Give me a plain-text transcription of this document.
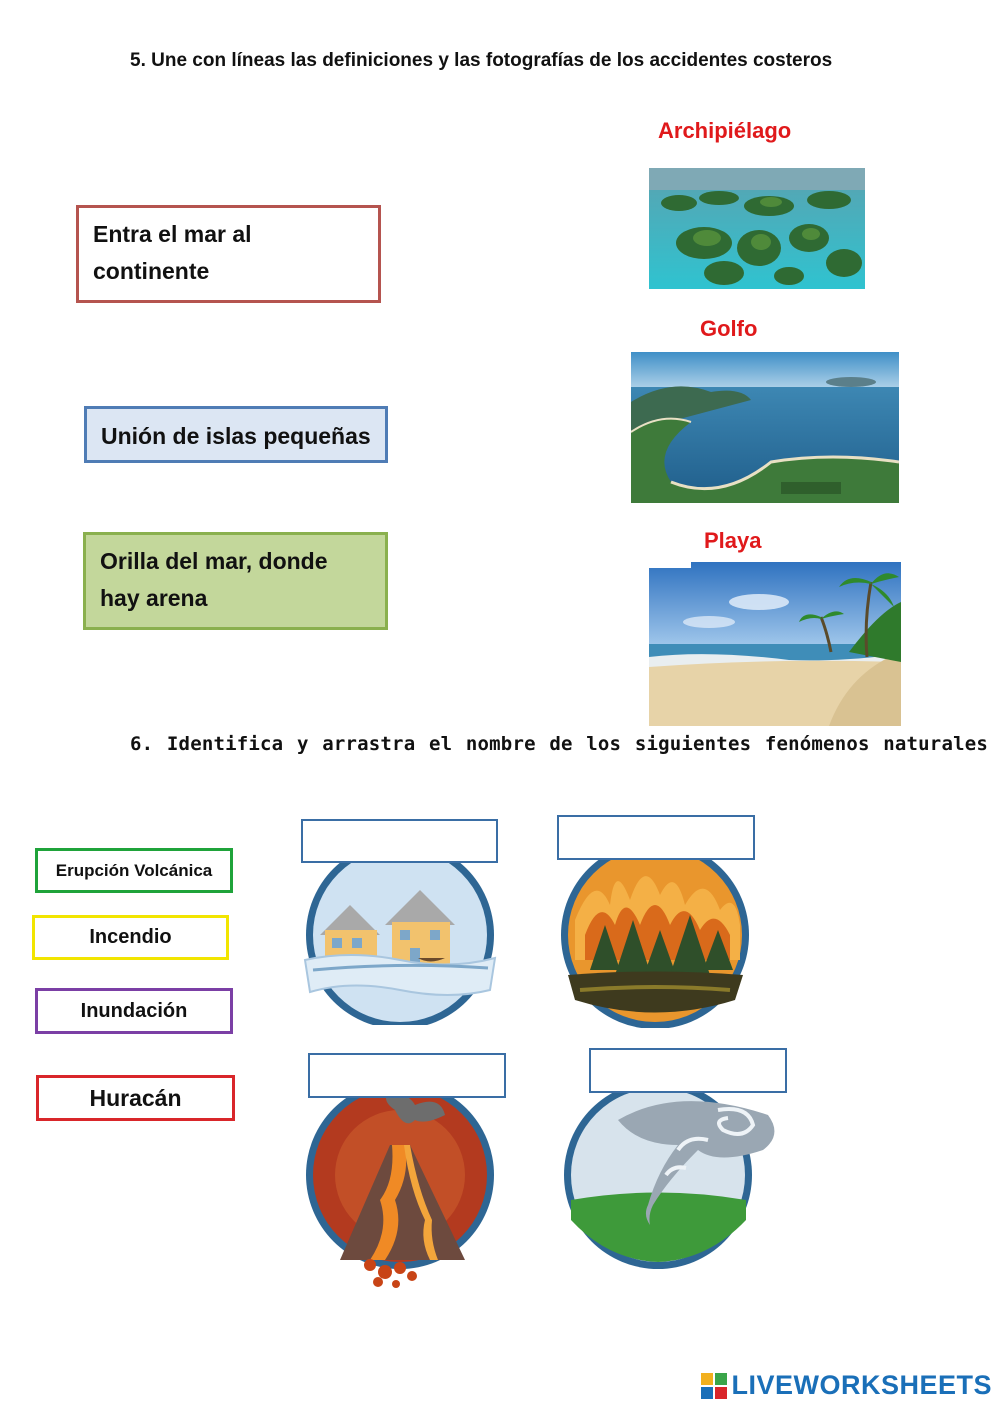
5. Une con líneas las definiciones y las fotografías de los accidentes costeros
Archipiélago
Golfo
Playa
Entra el mar al continente
Unión de islas pequeñas
Orilla del mar, donde hay arena
6. Identifica y arrastra el nombre de los siguientes fenómenos naturales
Erupción Volcánica
Incendio
Inundación
Huracán
LIVEWORKSHEETS
